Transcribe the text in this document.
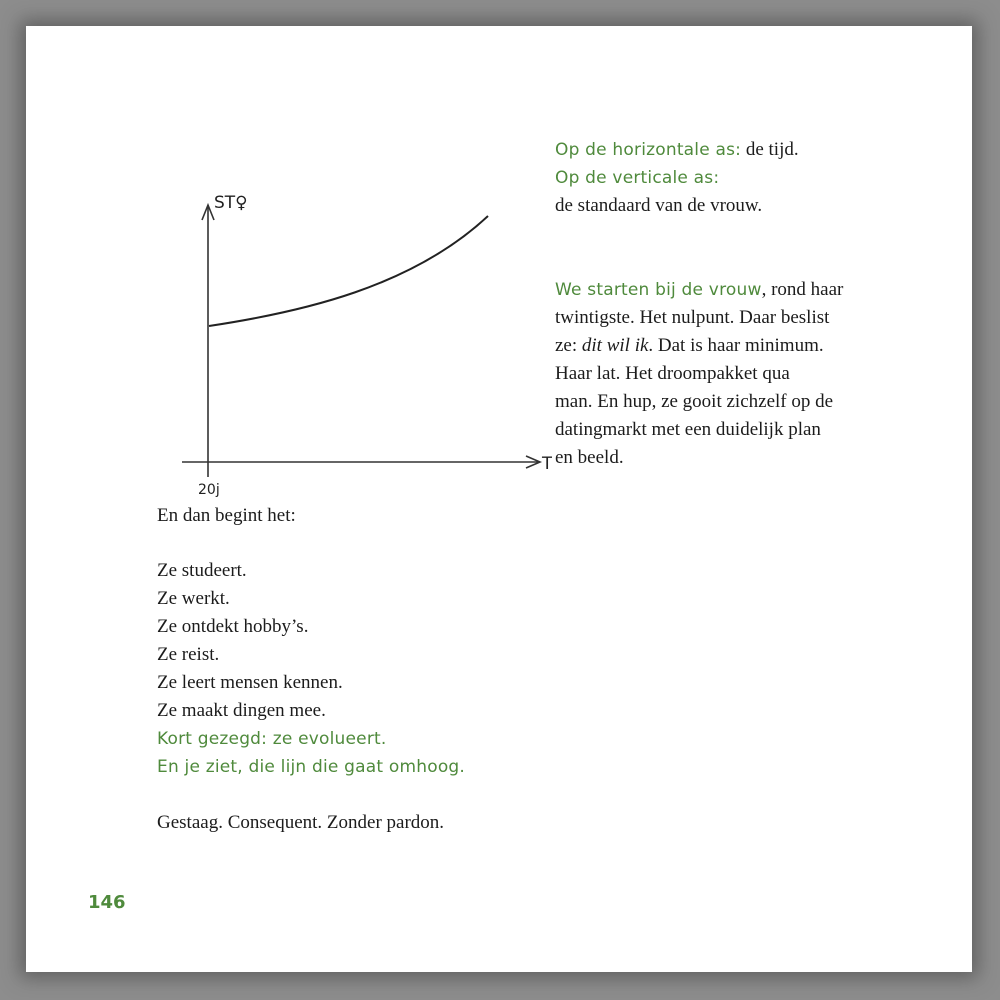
ST♀
T
20j
Op de horizontale as: de tijd.
Op de verticale as:
de standaard van de vrouw.
We starten bij de vrouw, rond haar
twintigste. Het nulpunt. Daar beslist
ze: dit wil ik. Dat is haar minimum.
Haar lat. Het droompakket qua
man. En hup, ze gooit zichzelf op de
datingmarkt met een duidelijk plan
en beeld.
En dan begint het:
Ze studeert.
Ze werkt.
Ze ontdekt hobby’s.
Ze reist.
Ze leert mensen kennen.
Ze maakt dingen mee.
Kort gezegd: ze evolueert.
En je ziet, die lijn die gaat omhoog.
Gestaag. Consequent. Zonder pardon.
146
